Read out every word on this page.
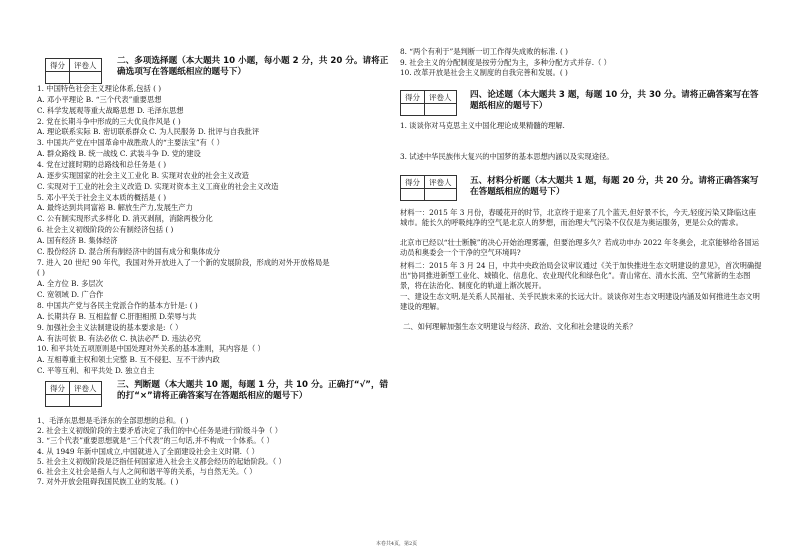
得分	评卷人
	二、多项选择题（本大题共 10 小题，每小题 2 分，共 20 分。请将正确选项写在答题纸相应的题号下）
1. 中国特色社会主义理论体系,包括 ( )
A. 邓小平理论 B. “三个代表”重要思想
C. 科学发展观等重大战略思想 D. 毛泽东思想
2. 党在长期斗争中形成的三大优良作风是 ( )
A. 理论联系实际 B. 密切联系群众 C. 为人民服务 D. 批评与自我批评
3. 中国共产党在中国革命中战胜敌人的“主要法宝”有（ ）
A. 群众路线 B. 统一战线 C. 武装斗争 D. 党的建设
4. 党在过渡时期的总路线和总任务是 ( )
A. 逐步实现国家的社会主义工业化 B. 实现对农业的社会主义改造
C. 实现对于工业的社会主义改造 D. 实现对资本主义工商业的社会主义改造
5. 邓小平关于社会主义本质的概括是 ( )
A. 最终达到共同富裕 B. 解放生产力,发展生产力
C. 公有制实现形式多样化 D. 消灭剥削，消除两极分化
6. 社会主义初级阶段的公有制经济包括 ( )
A. 国有经济 B. 集体经济
C. 股份经济 D. 混合所有制经济中的国有成分和集体成分
7. 进入 20 世纪 90 年代，我国对外开放进入了一个新的发展阶段，形成的对外开放格局是
( )
A. 全方位 B. 多层次
C. 宽领域 D. 广合作
8. 中国共产党与各民主党派合作的基本方针是: ( )
A. 长期共存 B. 互相监督 C.肝胆相照 D.荣辱与共
9. 加强社会主义法制建设的基本要求是:（ ）
A. 有法可依 B. 有法必依 C. 执法必严 D. 违法必究
10. 和平共处五项原则是中国处理对外关系的基本准则，其内容是（ ）
A. 互相尊重主权和领土完整 B. 互不侵犯、互不干涉内政
C. 平等互利、和平共处 D. 独立自主
得分	评卷人
	三、判断题（本大题共 10 题，每题 1 分，共 10 分。正确打“√”，错的打“×”请将正确答案写在答题纸相应的题号下）
1、毛泽东思想是毛泽东的全部思想的总和。( )
2. 社会主义初级阶段的主要矛盾决定了我们的中心任务是进行阶级斗争（ ）
3. “三个代表”重要思想就是“三个代表”的三句话,并不构成一个体系。（ ）
4. 从 1949 年新中国成立,中国就进入了全面建设社会主义时期.（ ）
5. 社会主义初级阶段是泛指任何国家进入社会主义都会经历的起始阶段。（ ）
6. 社会主义社会是指人与人之间和谐平等的关系，与自然无关。（ ）
7. 对外开放会阻碍我国民族工业的发展。( )
8. “两个有利于”是判断一切工作得失成败的标准. ( )
9. 社会主义的分配制度是按劳分配为主，多种分配方式并存.（ ）
10. 改革开放是社会主义制度的自我完善和发展。( )
得分	评卷人
	四、论述题（本大题共 3 题，每题 10 分，共 30 分。请将正确答案写在答题纸相应的题号下）
1. 谈谈你对马克思主义中国化理论成果精髓的理解.
3. 试述中华民族伟大复兴的中国梦的基本思想内涵以及实现途径。
得分	评卷人
	五、材料分析题（本大题共 1 题，每题 20 分，共 20 分。请将正确答案写在答题纸相应的题号下）
材料一：2015 年 3 月份，春暖花开的时节，北京终于迎来了几个蓝天,但好景不长，今天,轻度污染又降临这座城市。能长久的呼吸纯净的空气是北京人的梦想，而治理大气污染不仅仅是为奥运服务，更是公众的需求。
北京市已经以“壮士断腕”的决心开始治理雾霾，但要治理多久？若成功申办 2022 年冬奥会，北京能够给各国运动员和奥委会一个干净的空气环境吗?
材料二：2015 年 3 月 24 日，中共中央政治局会议审议通过《关于加快推进生态文明建设的意见》，首次明确提出“协同推进新型工业化、城镇化、信息化、农业现代化和绿色化”。青山常在、清水长流、空气常新的生态图景，将在法治化、制度化的轨道上渐次展开。
一、建设生态文明,是关系人民福祉、关乎民族未来的长远大计。谈谈你对生态文明建设内涵及如何推进生态文明建设的理解。
二、如何理解加强生态文明建设与经济、政治、文化和社会建设的关系？
本卷共4页，第2页
